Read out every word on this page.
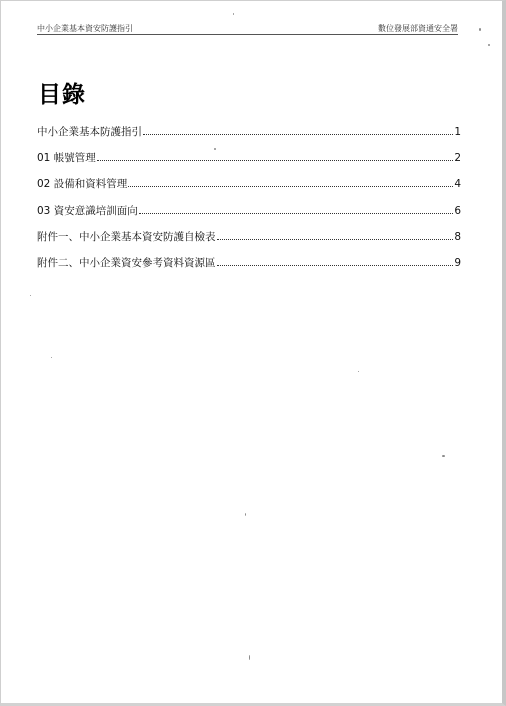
中小企業基本資安防護指引	數位發展部資通安全署
目錄
中小企業基本防護指引	1
01 帳號管理	2
02 設備和資料管理	4
03 資安意識培訓面向	6
附件一、中小企業基本資安防護自檢表	8
附件二、中小企業資安參考資料資源區	9
